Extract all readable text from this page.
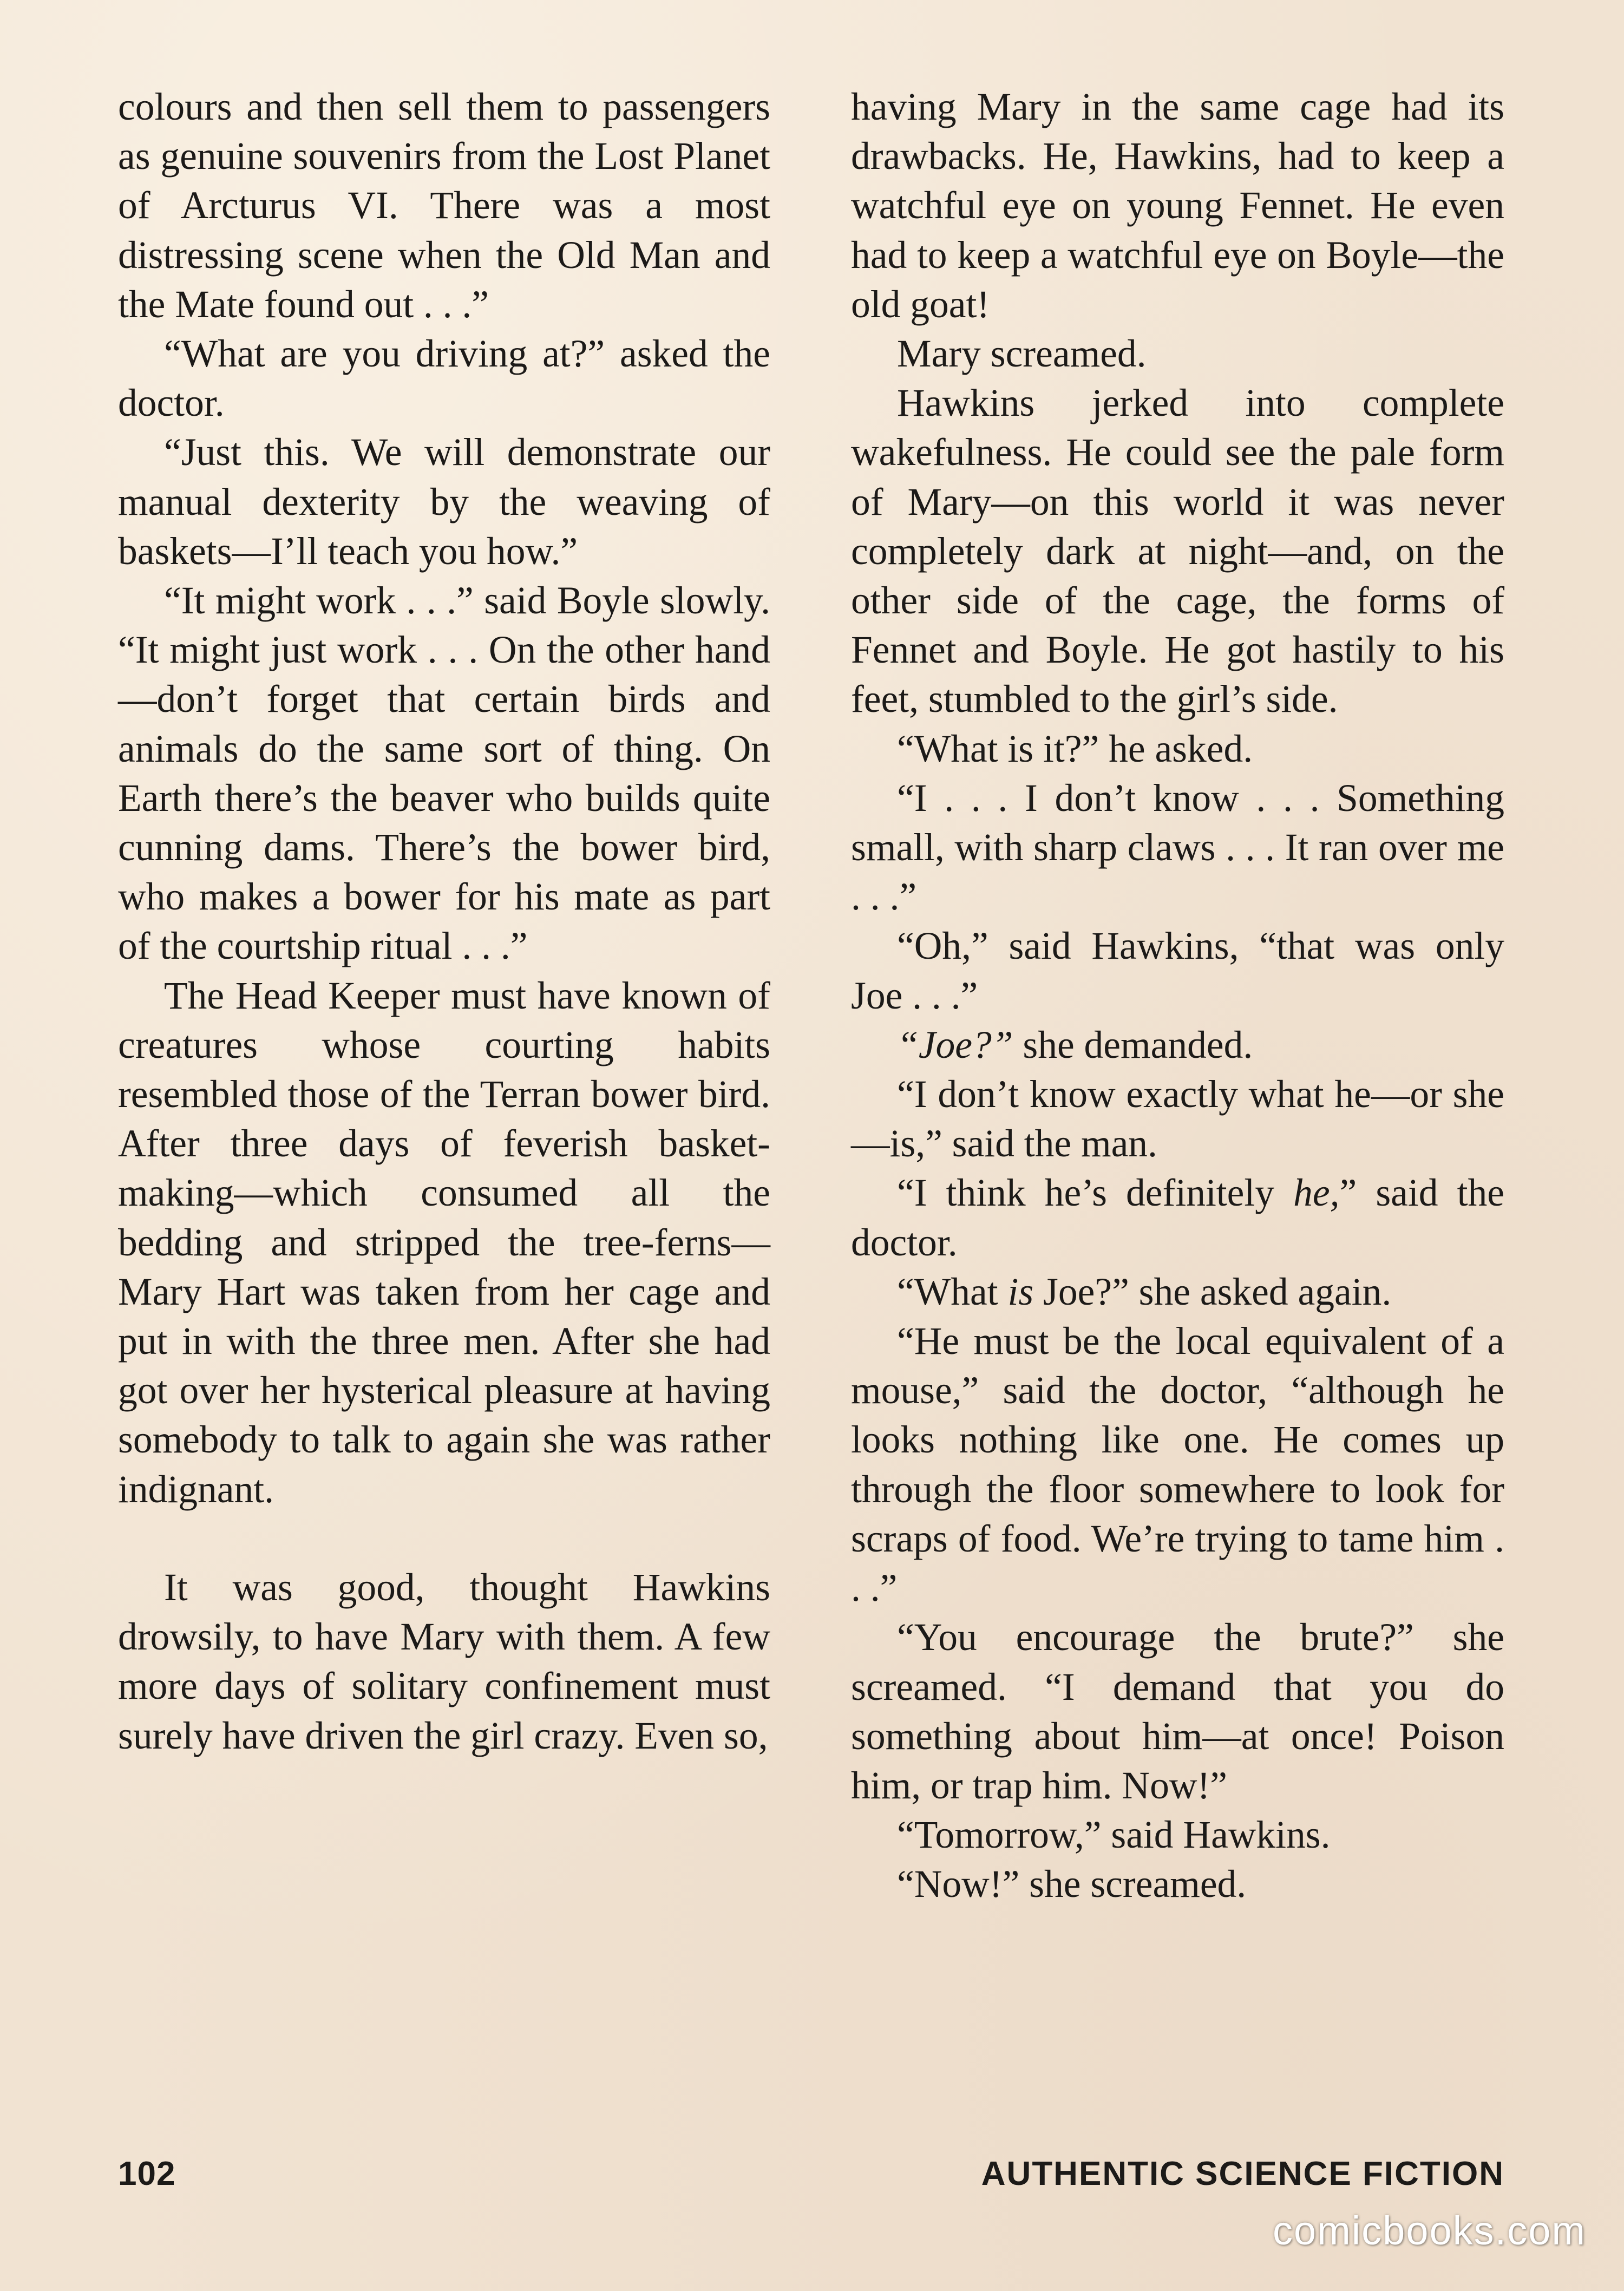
colours and then sell them to passengers as genuine souvenirs from the Lost Planet of Arcturus VI. There was a most distressing scene when the Old Man and the Mate found out . . .”

“What are you driving at?” asked the doctor.

“Just this. We will demonstrate our manual dexterity by the weaving of baskets—I’ll teach you how.”

“It might work . . .” said Boyle slowly. “It might just work . . . On the other hand—don’t forget that certain birds and animals do the same sort of thing. On Earth there’s the beaver who builds quite cunning dams. There’s the bower bird, who makes a bower for his mate as part of the courtship ritual . . .”

The Head Keeper must have known of creatures whose courting habits resembled those of the Terran bower bird. After three days of feverish basket-making—which consumed all the bedding and stripped the tree-ferns—Mary Hart was taken from her cage and put in with the three men. After she had got over her hysterical pleasure at having somebody to talk to again she was rather indignant.

It was good, thought Hawkins drowsily, to have Mary with them. A few more days of solitary confinement must surely have driven the girl crazy. Even so,

having Mary in the same cage had its drawbacks. He, Hawkins, had to keep a watchful eye on young Fennet. He even had to keep a watchful eye on Boyle—the old goat!

Mary screamed.

Hawkins jerked into complete wakefulness. He could see the pale form of Mary—on this world it was never completely dark at night—and, on the other side of the cage, the forms of Fennet and Boyle. He got hastily to his feet, stumbled to the girl’s side.

“What is it?” he asked.

“I . . . I don’t know . . . Something small, with sharp claws . . . It ran over me . . .”

“Oh,” said Hawkins, “that was only Joe . . .”

“Joe?” she demanded.

“I don’t know exactly what he—or she—is,” said the man.

“I think he’s definitely he,” said the doctor.

“What is Joe?” she asked again.

“He must be the local equivalent of a mouse,” said the doctor, “although he looks nothing like one. He comes up through the floor somewhere to look for scraps of food. We’re trying to tame him . . .”

“You encourage the brute?” she screamed. “I demand that you do something about him—at once! Poison him, or trap him. Now!”

“Tomorrow,” said Hawkins.

“Now!” she screamed.

102	AUTHENTIC SCIENCE FICTION
comicbooks.com
